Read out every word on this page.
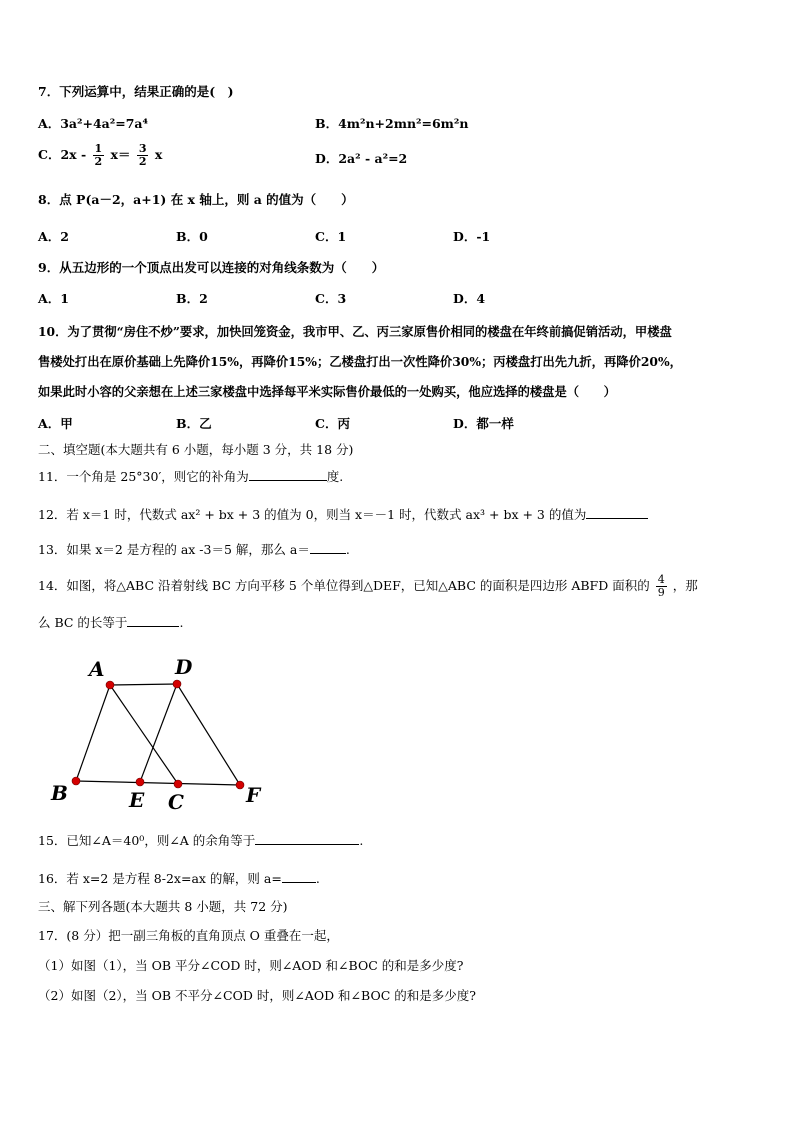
7．下列运算中，结果正确的是(　)
A．3a²+4a²=7a⁴	B．4m²n+2mn²=6m²n
C．$2x - \frac{1}{2} x= \frac{3}{2}$ x	D．2a² - a²=2
8．点 P(a－2，a+1) 在 x 轴上，则 a 的值为（　　）
A．2	B．0	C．1	D．-1
9．从五边形的一个顶点出发可以连接的对角线条数为（　　）
A．1	B．2	C．3	D．4
10．为了贯彻“房住不炒”要求，加快回笼资金，我市甲、乙、丙三家原售价相同的楼盘在年终前搞促销活动，甲楼盘
售楼处打出在原价基础上先降价15%，再降价15%；乙楼盘打出一次性降价30%；丙楼盘打出先九折，再降价20%，
如果此时小容的父亲想在上述三家楼盘中选择每平米实际售价最低的一处购买，他应选择的楼盘是（　　）
A．甲	B．乙	C．丙	D．都一样
二、填空题(本大题共有 6 小题，每小题 3 分，共 18 分)
11．一个角是 25°30′，则它的补角为	度.
12．若 x＝1 时，代数式 ax² + bx + 3 的值为 0，则当 x＝－1 时，代数式 ax³ + bx + 3 的值为
13．如果 x＝2 是方程的 ax -3＝5 解，那么 a＝	.
14．如图，将△ABC 沿着射线 BC 方向平移 5 个单位得到△DEF，已知△ABC 的面积是四边形 ABFD 面积的 $\frac{4}{9}$ ，那
么 BC 的长等于	.
A	D
B	E C	F
15．已知∠A＝40⁰，则∠A 的余角等于	.
16．若 x=2 是方程 8-2x=ax 的解，则 a=	.
三、解下列各题(本大题共 8 小题，共 72 分)
17．(8 分）把一副三角板的直角顶点 O 重叠在一起，
（1）如图（1），当 OB 平分∠COD 时，则∠AOD 和∠BOC 的和是多少度?
（2）如图（2），当 OB 不平分∠COD 时，则∠AOD 和∠BOC 的和是多少度?
